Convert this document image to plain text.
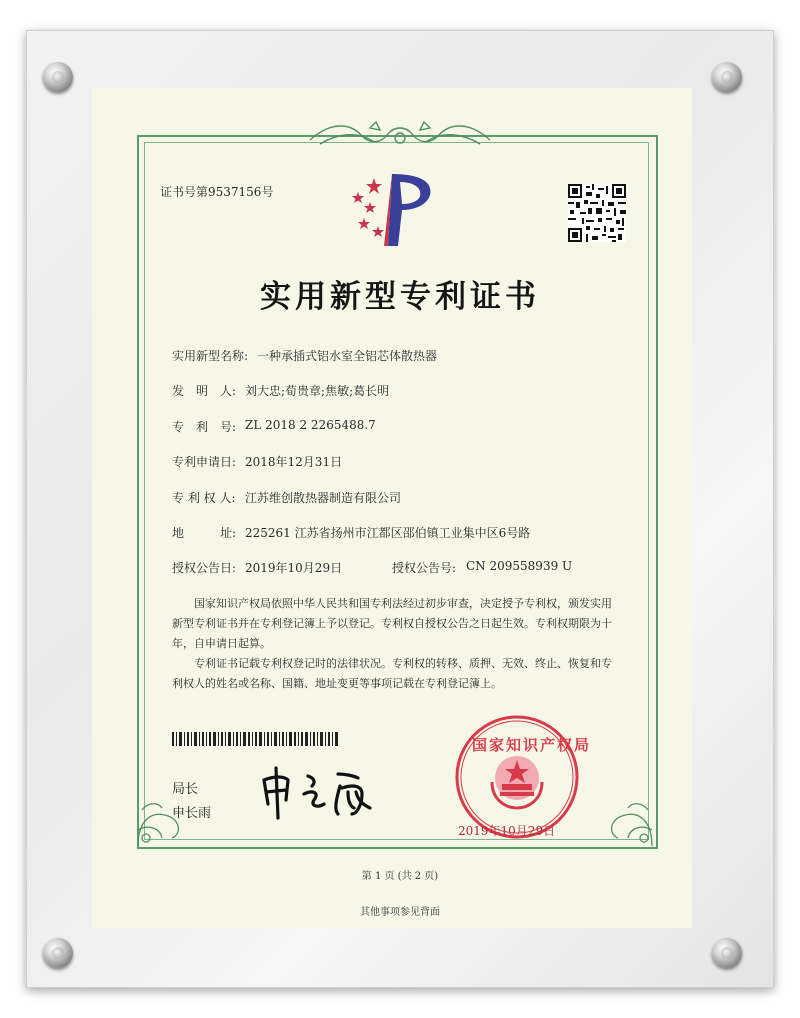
证书号第9537156号
实用新型专利证书
实用新型名称: 一种承插式铝水室全铝芯体散热器
发　明　人: 刘大忠;荀贵章;焦敏;葛长明
专　利　号: ZL 2018 2 2265488.7
专利申请日: 2018年12月31日
专 利 权 人: 江苏维创散热器制造有限公司
地　　　址: 225261 江苏省扬州市江都区邵伯镇工业集中区6号路
授权公告日: 2019年10月29日	授权公告号: CN 209558939 U
国家知识产权局依照中华人民共和国专利法经过初步审查，决定授予专利权，颁发实用新型专利证书并在专利登记簿上予以登记。专利权自授权公告之日起生效。专利权期限为十年，自申请日起算。
专利证书记载专利权登记时的法律状况。专利权的转移、质押、无效、终止、恢复和专利权人的姓名或名称、国籍、地址变更等事项记载在专利登记簿上。
局长
申长雨
国家知识产权局
2019年10月29日
第 1 页 (共 2 页)
其他事项参见背面
